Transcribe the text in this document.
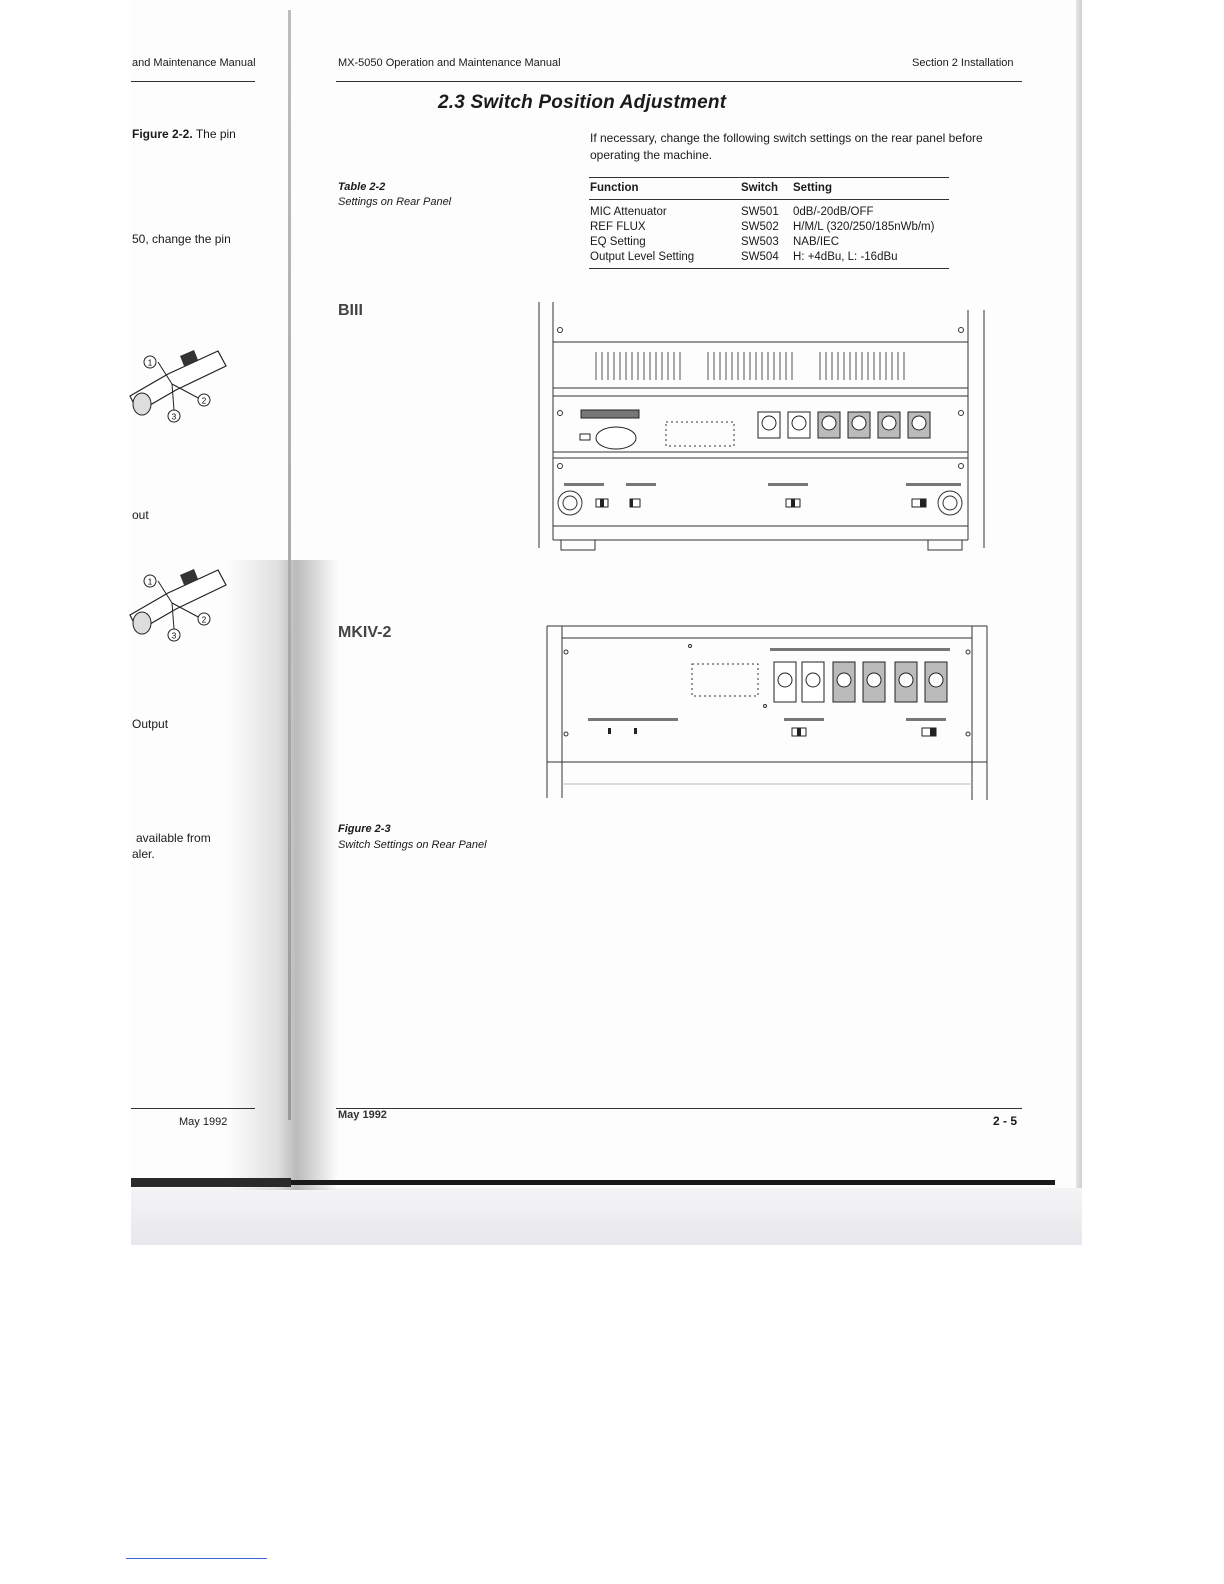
and Maintenance Manual
Figure 2-2. The pin
50, change the pin
1
2
3
out
1
2
3
Output
available from
aler.
May 1992
MX-5050 Operation and Maintenance Manual	Section 2 Installation
2.3 Switch Position Adjustment
If necessary, change the following switch settings on the rear panel before operating the machine.
Table 2-2
Settings on Rear Panel
Function	Switch	Setting
MIC Attenuator	SW501	0dB/-20dB/OFF
REF FLUX	SW502	H/M/L (320/250/185nWb/m)
EQ Setting	SW503	NAB/IEC
Output Level Setting	SW504	H: +4dBu, L: -16dBu
BIII
MKIV-2
Figure 2-3
Switch Settings on Rear Panel
May 1992	2 - 5
